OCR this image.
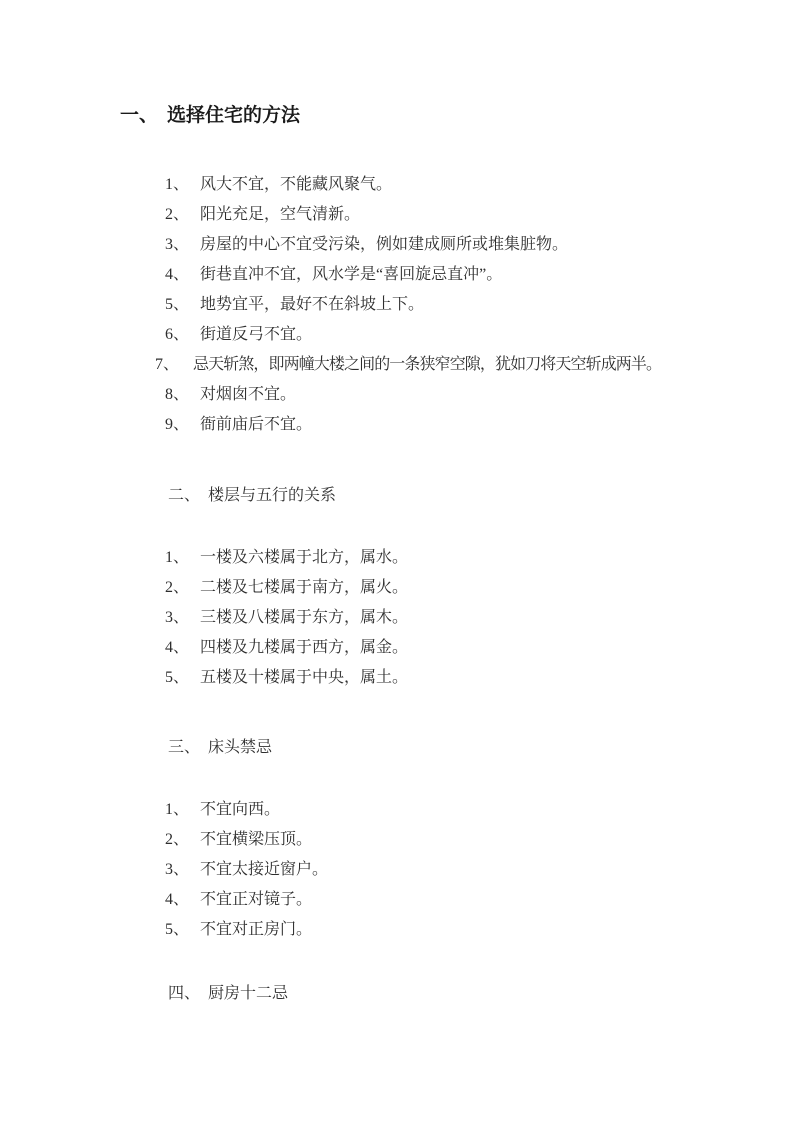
一、 选择住宅的方法
1、 风大不宜，不能藏风聚气。
2、 阳光充足，空气清新。
3、 房屋的中心不宜受污染，例如建成厕所或堆集脏物。
4、 街巷直冲不宜，风水学是“喜回旋忌直冲”。
5、 地势宜平，最好不在斜坡上下。
6、 街道反弓不宜。
7、 忌天斩煞，即两幢大楼之间的一条狭窄空隙，犹如刀将天空斩成两半。
8、 对烟囱不宜。
9、 衙前庙后不宜。
二、 楼层与五行的关系
1、 一楼及六楼属于北方，属水。
2、 二楼及七楼属于南方，属火。
3、 三楼及八楼属于东方，属木。
4、 四楼及九楼属于西方，属金。
5、 五楼及十楼属于中央，属土。
三、 床头禁忌
1、 不宜向西。
2、 不宜横梁压顶。
3、 不宜太接近窗户。
4、 不宜正对镜子。
5、 不宜对正房门。
四、 厨房十二忌
